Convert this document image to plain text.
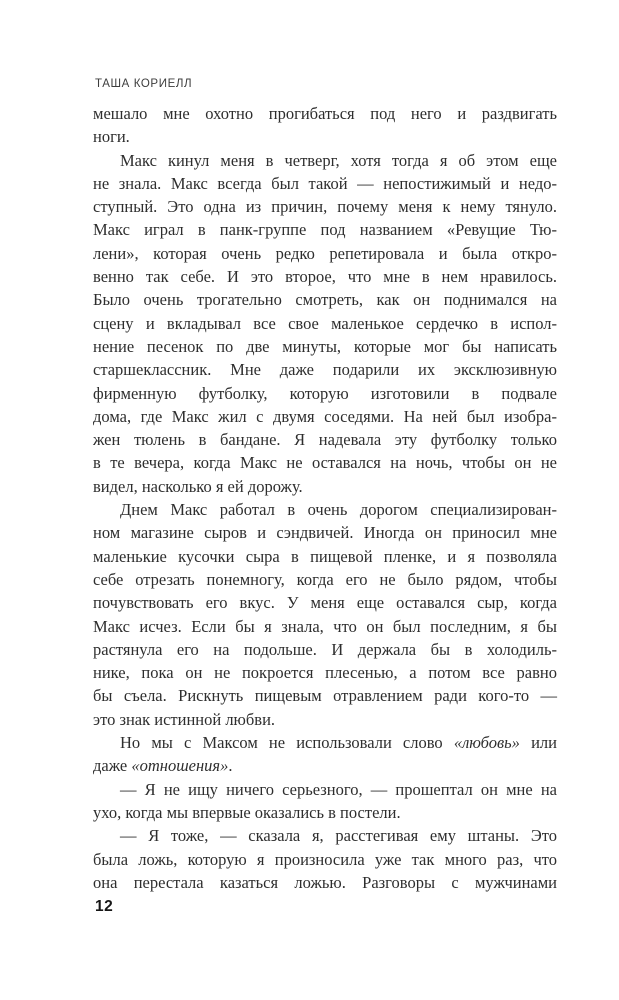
ТАША КОРИЕЛЛ
мешало мне охотно прогибаться под него и раздвигать
ноги.
Макс кинул меня в четверг, хотя тогда я об этом еще
не знала. Макс всегда был такой — непостижимый и недо-
ступный. Это одна из причин, почему меня к нему тянуло.
Макс играл в панк-группе под названием «Ревущие Тю-
лени», которая очень редко репетировала и была откро-
венно так себе. И это второе, что мне в нем нравилось.
Было очень трогательно смотреть, как он поднимался на
сцену и вкладывал все свое маленькое сердечко в испол-
нение песенок по две минуты, которые мог бы написать
старшеклассник. Мне даже подарили их эксклюзивную
фирменную футболку, которую изготовили в подвале
дома, где Макс жил с двумя соседями. На ней был изобра-
жен тюлень в бандане. Я надевала эту футболку только
в те вечера, когда Макс не оставался на ночь, чтобы он не
видел, насколько я ей дорожу.
Днем Макс работал в очень дорогом специализирован-
ном магазине сыров и сэндвичей. Иногда он приносил мне
маленькие кусочки сыра в пищевой пленке, и я позволяла
себе отрезать понемногу, когда его не было рядом, чтобы
почувствовать его вкус. У меня еще оставался сыр, когда
Макс исчез. Если бы я знала, что он был последним, я бы
растянула его на подольше. И держала бы в холодиль-
нике, пока он не покроется плесенью, а потом все равно
бы съела. Рискнуть пищевым отравлением ради кого-то —
это знак истинной любви.
Но мы с Максом не использовали слово «любовь» или
даже «отношения».
— Я не ищу ничего серьезного, — прошептал он мне на
ухо, когда мы впервые оказались в постели.
— Я тоже, — сказала я, расстегивая ему штаны. Это
была ложь, которую я произносила уже так много раз, что
она перестала казаться ложью. Разговоры с мужчинами
12
